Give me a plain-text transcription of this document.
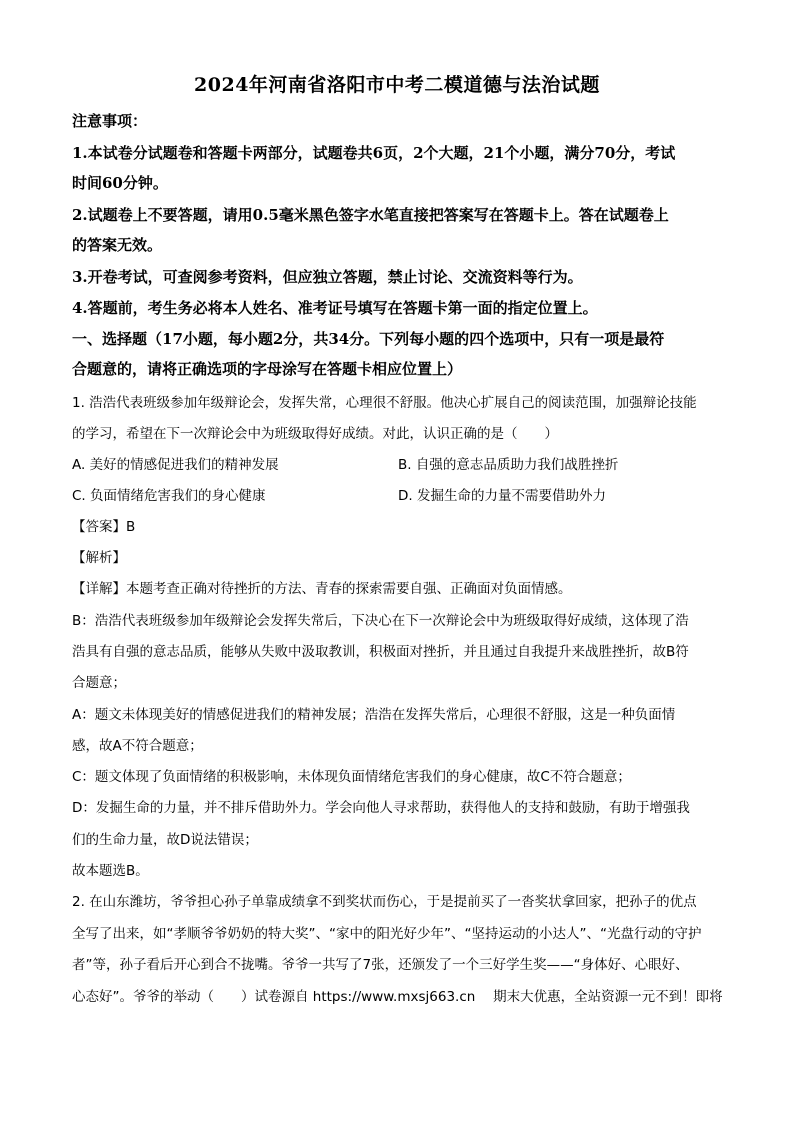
2024年河南省洛阳市中考二模道德与法治试题
注意事项：
1.本试卷分试题卷和答题卡两部分，试题卷共6页，2个大题，21个小题，满分70分，考试
时间60分钟。
2.试题卷上不要答题，请用0.5毫米黑色签字水笔直接把答案写在答题卡上。答在试题卷上
的答案无效。
3.开卷考试，可查阅参考资料，但应独立答题，禁止讨论、交流资料等行为。
4.答题前，考生务必将本人姓名、准考证号填写在答题卡第一面的指定位置上。
一、选择题（17小题，每小题2分，共34分。下列每小题的四个选项中，只有一项是最符
合题意的，请将正确选项的字母涂写在答题卡相应位置上）
1. 浩浩代表班级参加年级辩论会，发挥失常，心理很不舒服。他决心扩展自己的阅读范围，加强辩论技能
的学习，希望在下一次辩论会中为班级取得好成绩。对此，认识正确的是（　　）
A. 美好的情感促进我们的精神发展	B. 自强的意志品质助力我们战胜挫折
C. 负面情绪危害我们的身心健康	D. 发掘生命的力量不需要借助外力
【答案】B
【解析】
【详解】本题考查正确对待挫折的方法、青春的探索需要自强、正确面对负面情感。
B：浩浩代表班级参加年级辩论会发挥失常后，下决心在下一次辩论会中为班级取得好成绩，这体现了浩
浩具有自强的意志品质，能够从失败中汲取教训，积极面对挫折，并且通过自我提升来战胜挫折，故B符
合题意；
A：题文未体现美好的情感促进我们的精神发展；浩浩在发挥失常后，心理很不舒服，这是一种负面情
感，故A不符合题意；
C：题文体现了负面情绪的积极影响，未体现负面情绪危害我们的身心健康，故C不符合题意；
D：发掘生命的力量，并不排斥借助外力。学会向他人寻求帮助，获得他人的支持和鼓励，有助于增强我
们的生命力量，故D说法错误；
故本题选B。
2. 在山东潍坊，爷爷担心孙子单靠成绩拿不到奖状而伤心，于是提前买了一沓奖状拿回家，把孙子的优点
全写了出来，如“孝顺爷爷奶奶的特大奖”、“家中的阳光好少年”、“坚持运动的小达人”、“光盘行动的守护
者”等，孙子看后开心到合不拢嘴。爷爷一共写了7张，还颁发了一个三好学生奖——“身体好、心眼好、
心态好”。爷爷的举动（　　）试卷源自 https://www.mxsj663.cn　 期末大优惠，全站资源一元不到！即将
